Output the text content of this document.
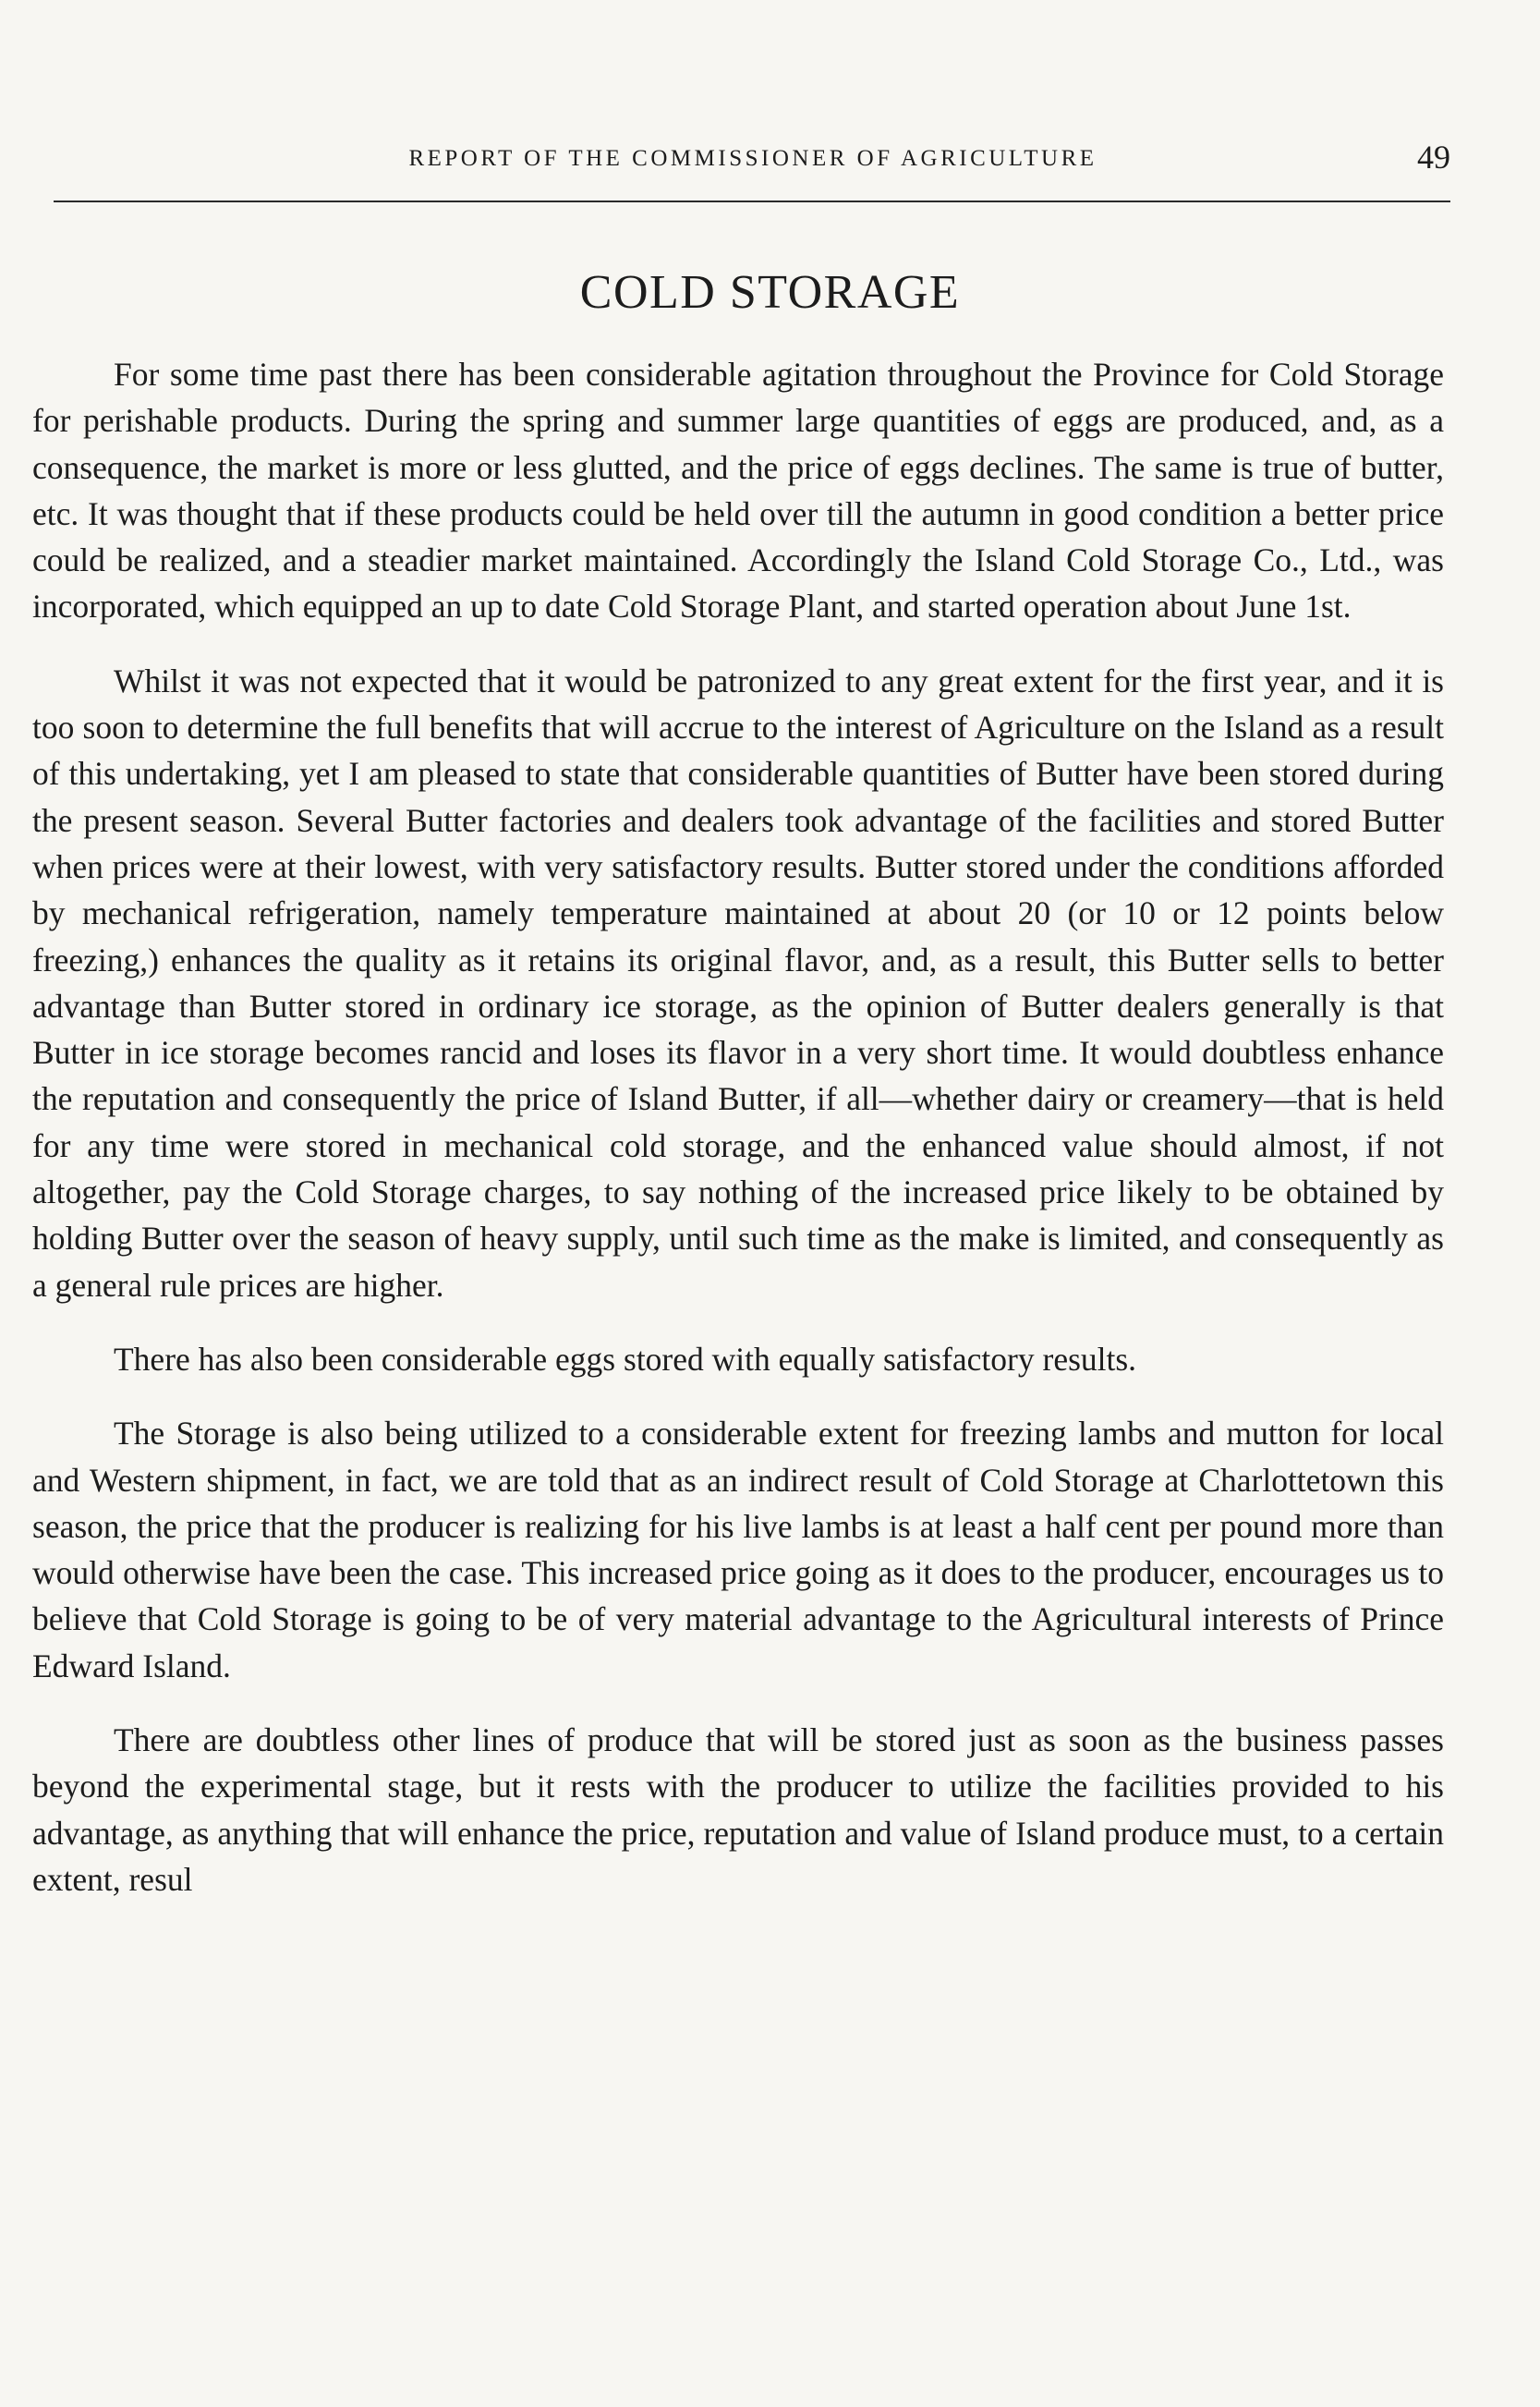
REPORT OF THE COMMISSIONER OF AGRICULTURE	49
COLD STORAGE

For some time past there has been considerable agitation throughout the Province for Cold Storage for perishable products. During the spring and summer large quantities of eggs are produced, and, as a consequence, the market is more or less glutted, and the price of eggs declines. The same is true of butter, etc. It was thought that if these products could be held over till the autumn in good condition a better price could be realized, and a steadier market maintained. Accordingly the Island Cold Storage Co., Ltd., was incorporated, which equipped an up to date Cold Storage Plant, and started operation about June 1st.

Whilst it was not expected that it would be patronized to any great extent for the first year, and it is too soon to determine the full benefits that will accrue to the interest of Agriculture on the Island as a result of this undertaking, yet I am pleased to state that considerable quantities of Butter have been stored during the present season. Several Butter factories and dealers took advantage of the facilities and stored Butter when prices were at their lowest, with very satisfactory results. Butter stored under the conditions afforded by mechanical refrigeration, namely temperature maintained at about 20 (or 10 or 12 points below freezing,) enhances the quality as it retains its original flavor, and, as a result, this Butter sells to better advantage than Butter stored in ordinary ice storage, as the opinion of Butter dealers generally is that Butter in ice storage becomes rancid and loses its flavor in a very short time. It would doubtless enhance the reputation and consequently the price of Island Butter, if all—whether dairy or creamery—that is held for any time were stored in mechanical cold storage, and the enhanced value should almost, if not altogether, pay the Cold Storage charges, to say nothing of the increased price likely to be obtained by holding Butter over the season of heavy supply, until such time as the make is limited, and consequently as a general rule prices are higher.

There has also been considerable eggs stored with equally satisfactory results.

The Storage is also being utilized to a considerable extent for freezing lambs and mutton for local and Western shipment, in fact, we are told that as an indirect result of Cold Storage at Charlottetown this season, the price that the producer is realizing for his live lambs is at least a half cent per pound more than would otherwise have been the case. This increased price going as it does to the producer, encourages us to believe that Cold Storage is going to be of very material advantage to the Agricultural interests of Prince Edward Island.

There are doubtless other lines of produce that will be stored just as soon as the business passes beyond the experimental stage, but it rests with the producer to utilize the facilities provided to his advantage, as anything that will enhance the price, reputation and value of Island produce must, to a certain extent, resul
